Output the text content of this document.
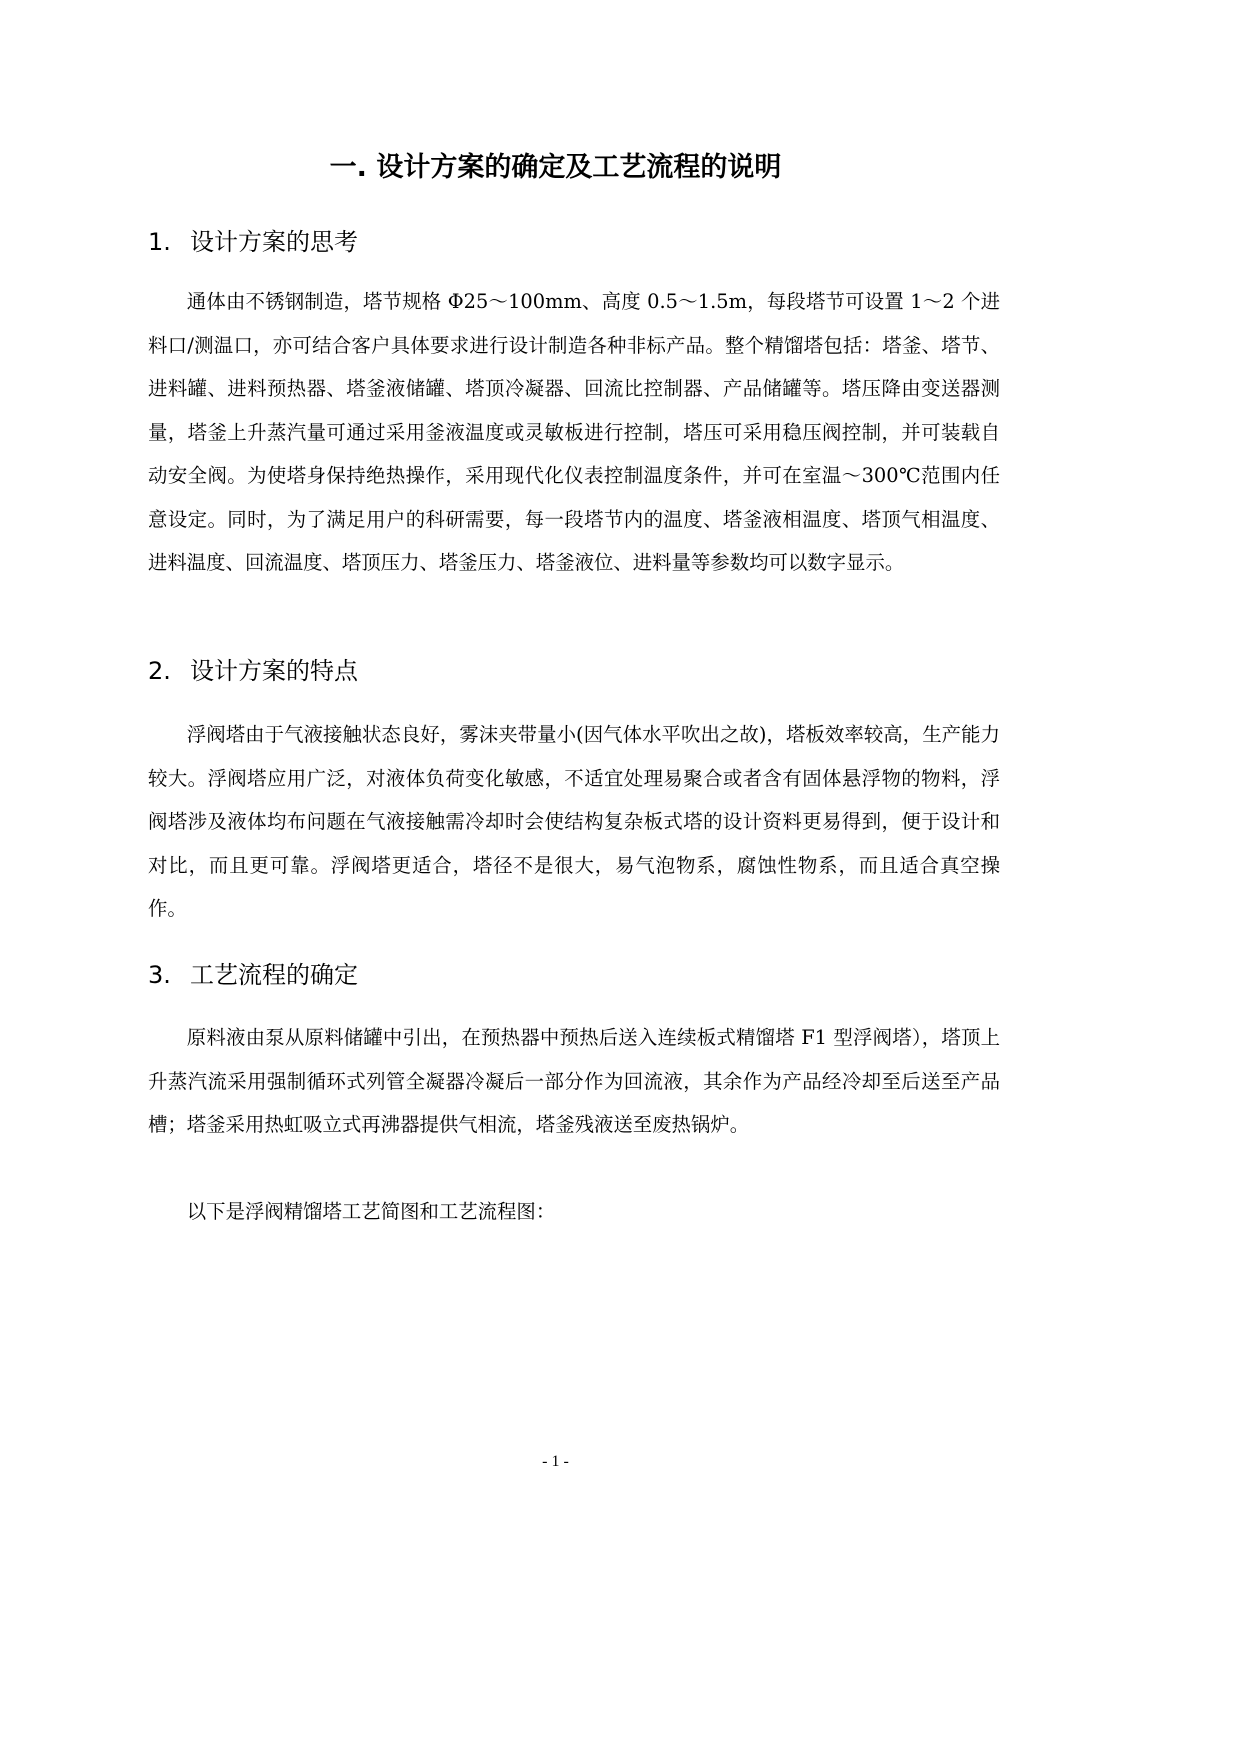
一. 设计方案的确定及工艺流程的说明
1. 设计方案的思考

通体由不锈钢制造，塔节规格 Φ25～100mm、高度 0.5～1.5m，每段塔节可设置 1～2 个进料口/测温口，亦可结合客户具体要求进行设计制造各种非标产品。整个精馏塔包括：塔釜、塔节、进料罐、进料预热器、塔釜液储罐、塔顶冷凝器、回流比控制器、产品储罐等。塔压降由变送器测量，塔釜上升蒸汽量可通过采用釜液温度或灵敏板进行控制，塔压可采用稳压阀控制，并可装载自动安全阀。为使塔身保持绝热操作，采用现代化仪表控制温度条件，并可在室温～300℃范围内任意设定。同时，为了满足用户的科研需要，每一段塔节内的温度、塔釜液相温度、塔顶气相温度、进料温度、回流温度、塔顶压力、塔釜压力、塔釜液位、进料量等参数均可以数字显示。

2. 设计方案的特点

浮阀塔由于气液接触状态良好，雾沫夹带量小(因气体水平吹出之故)，塔板效率较高，生产能力较大。浮阀塔应用广泛，对液体负荷变化敏感，不适宜处理易聚合或者含有固体悬浮物的物料，浮阀塔涉及液体均布问题在气液接触需冷却时会使结构复杂板式塔的设计资料更易得到，便于设计和对比，而且更可靠。浮阀塔更适合，塔径不是很大，易气泡物系，腐蚀性物系，而且适合真空操作。

3. 工艺流程的确定

原料液由泵从原料储罐中引出，在预热器中预热后送入连续板式精馏塔 F1 型浮阀塔），塔顶上升蒸汽流采用强制循环式列管全凝器冷凝后一部分作为回流液，其余作为产品经冷却至后送至产品槽；塔釜采用热虹吸立式再沸器提供气相流，塔釜残液送至废热锅炉。

以下是浮阀精馏塔工艺简图和工艺流程图：

- 1 -
